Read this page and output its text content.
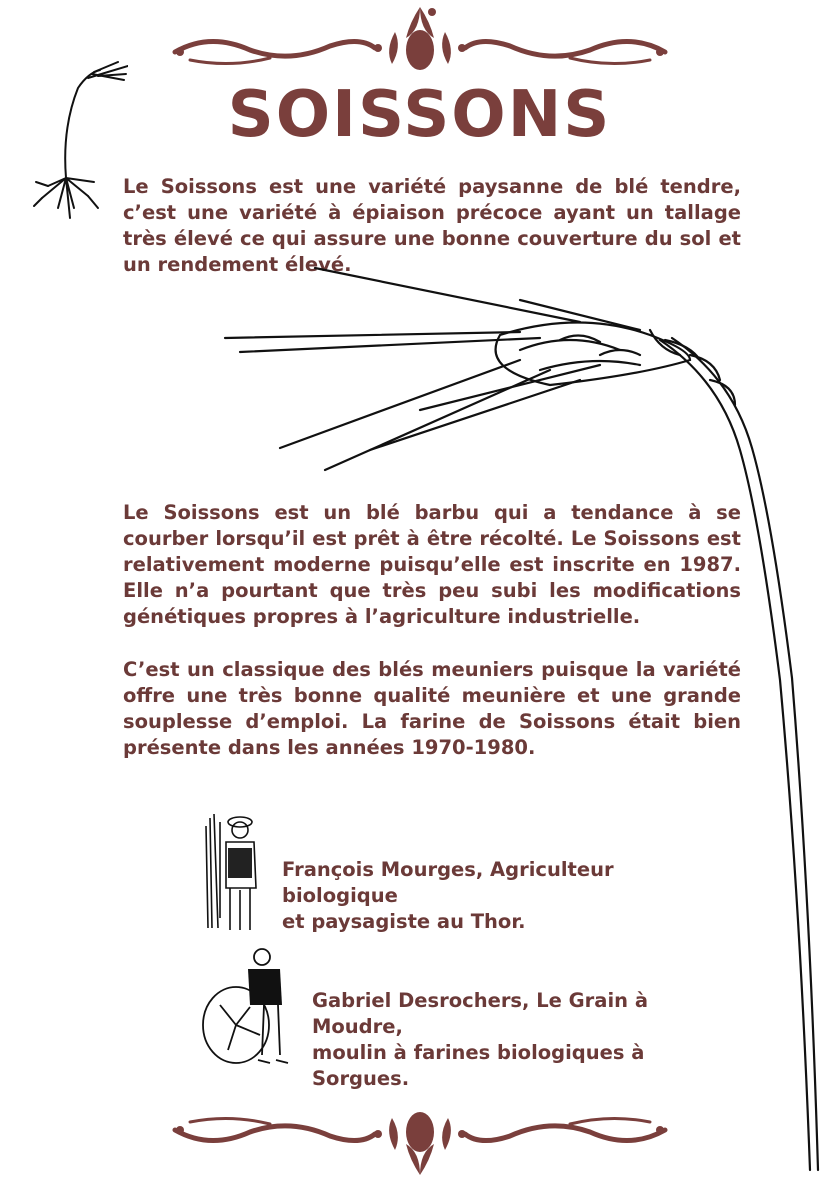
SOISSONS

Le Soissons est une variété paysanne de blé tendre, c’est une variété à épiaison précoce ayant un tallage très élevé ce qui assure une bonne couverture du sol et un rendement élevé.

Le Soissons est un blé barbu qui a tendance à se courber lorsqu’il est prêt à être récolté. Le Soissons est relativement moderne puisqu’elle est inscrite en 1987. Elle n’a pourtant que très peu subi les modifications génétiques propres à l’agriculture industrielle.

C’est un classique des blés meuniers puisque la variété offre une très bonne qualité meunière et une grande souplesse d’emploi. La farine de Soissons était bien présente dans les années 1970-1980.

François Mourges, Agriculteur biologique
et paysagiste au Thor.
Gabriel Desrochers, Le Grain à Moudre,
moulin à farines biologiques à Sorgues.
